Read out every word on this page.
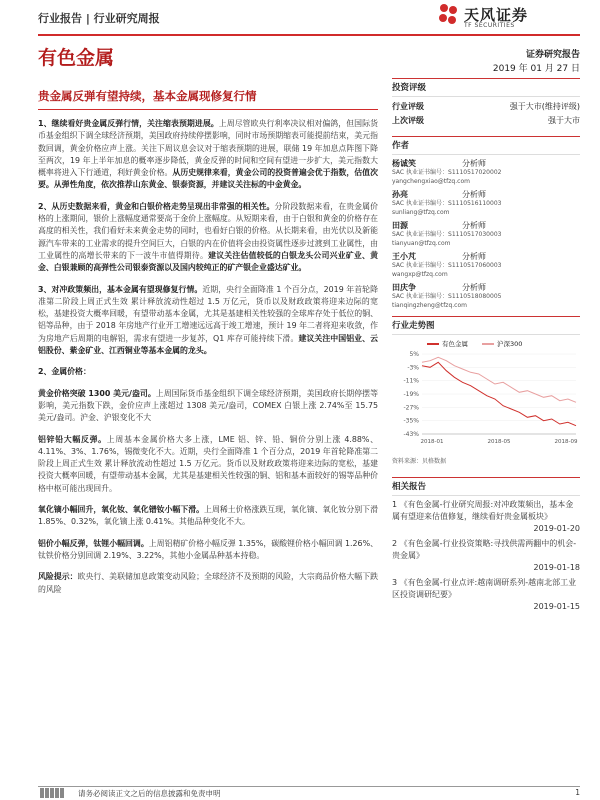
行业报告 | 行业研究周报	天风证券
TF SECURITIES
有色金属	证券研究报告
2019 年 01 月 27 日
贵金属反弹有望持续，基本金属现修复行情

1、继续看好贵金属反弹行情，关注缩表预期进展。上周尽管欧央行利率决议相对偏鸽，但国际货币基金组织下调全球经济预期，美国政府持续停摆影响，同时市场预期缩表可能提前结束，美元指数回调，黄金价格应声上涨。关注下周议息会议对于缩表预期的进展，联储 19 年加息点阵图下降至两次，19 年上半年加息的概率逐步降低，黄金反弹的时间和空间有望进一步扩大，美元指数大概率将进入下行通道，利好黄金价格。从历史规律来看，黄金公司的投资普遍会优于指数，估值次要。从弹性角度，依次推荐山东黄金、银泰资源，并建议关注标的中金黄金。

2、从历史数据来看，黄金和白银价格走势呈现出非常强的相关性。分阶段数据来看，在贵金属价格的上涨期间，银价上涨幅度通常要高于金价上涨幅度。从短期来看，由于白银和黄金的价格存在高度的相关性，我们看好未来黄金走势的同时，也看好白银的价格。从长期来看，由光伏以及新能源汽车带来的工业需求的提升空间巨大，白银的内在价值将会由投资属性逐步过渡到工业属性，由工业属性的高增长带来的下一波牛市值得期待。建议关注估值较低的白银龙头公司兴业矿业、黄金、白银兼顾的高弹性公司银泰资源以及国内较纯正的矿产银企业盛达矿业。

3、对冲政策频出，基本金属有望现修复行情。近期，央行全面降准 1 个百分点，2019 年首轮降准第二阶段上周正式生效 累计释放流动性超过 1.5 万亿元，货币以及财政政策将迎来边际的宽松，基建投资大概率回暖，有望带动基本金属，尤其是基建相关性较强的全球库存处于低位的铜、铝等品种，由于 2018 年房地产行业开工增速远远高于竣工增速，预计 19 年二者将迎来收敛，作为房地产后周期的电解铝，需求有望进一步复苏，Q1 库存可能持续下滑。建议关注中国铝业、云铝股份、紫金矿业、江西铜业等基本金属的龙头。

2、金属价格：

黄金价格突破 1300 美元/盎司。上周国际货币基金组织下调全球经济预期，美国政府长期停摆等影响，美元指数下跌，金价应声上涨超过 1308 美元/盎司，COMEX 白银上涨 2.74%至 15.75 美元/盎司。沪金、沪银变化不大

铝锌铅大幅反弹。上周基本金属价格大多上涨，LME 铝、锌、铅、铜价分别上涨 4.88%、4.11%、3%、1.76%，锡微变化不大。近期，央行全面降准 1 个百分点，2019 年首轮降准第二阶段上周正式生效 累计释放流动性超过 1.5 万亿元。货币以及财政政策将迎来边际的宽松，基建投资大概率回暖，有望带动基本金属，尤其是基建相关性较强的铜、铝和基本面较好的锡等品种价格中枢可能出现回升。

氧化镝小幅回升，氧化钕、氧化镨钕小幅下滑。上周稀土价格涨跌互现，氧化镝、氧化钕分别下滑 1.85%、0.32%，氧化镝上涨 0.41%。其他品种变化不大。

铝价小幅反弹，钛锂小幅回调。上周铝精矿价格小幅反弹 1.35%，碳酸锂价格小幅回调 1.26%、钛铁价格分别回调 2.19%、3.22%，其他小金属品种基本持稳。

风险提示：欧央行、美联储加息政策变动风险；全球经济不及预期的风险，大宗商品价格大幅下跌的风险

投资评级
行业评级	强于大市(维持评级)
上次评级	强于大市
作者
杨诚笑	分析师
SAC 执业证书编号：S1110517020002
yangchengxiao@tfzq.com
孙亮	分析师
SAC 执业证书编号：S1110516110003
sunliang@tfzq.com
田源	分析师
SAC 执业证书编号：S1110517030003
tianyuan@tfzq.com
王小芃	分析师
SAC 执业证书编号：S1110517060003
wangxp@tfzq.com
田庆争	分析师
SAC 执业证书编号：S1110518080005
tianqingzheng@tfzq.com
行业走势图
有色金属	沪深300
5%
-3%
-11%
-19%
-27%
-35%
-43%
2018-01	2018-05	2018-09
资料来源：贝格数据
相关报告
1 《有色金属-行业研究周报:对冲政策频出，基本金属有望迎来估值修复，继续看好贵金属板块》
2019-01-20
2 《有色金属-行业投资策略:寻找供需两翻中的机会-贵金属》
2019-01-18
3 《有色金属-行业点评:越南调研系列-越南北部工业区投资调研纪要》
2019-01-15
请务必阅读正文之后的信息披露和免责申明	1
